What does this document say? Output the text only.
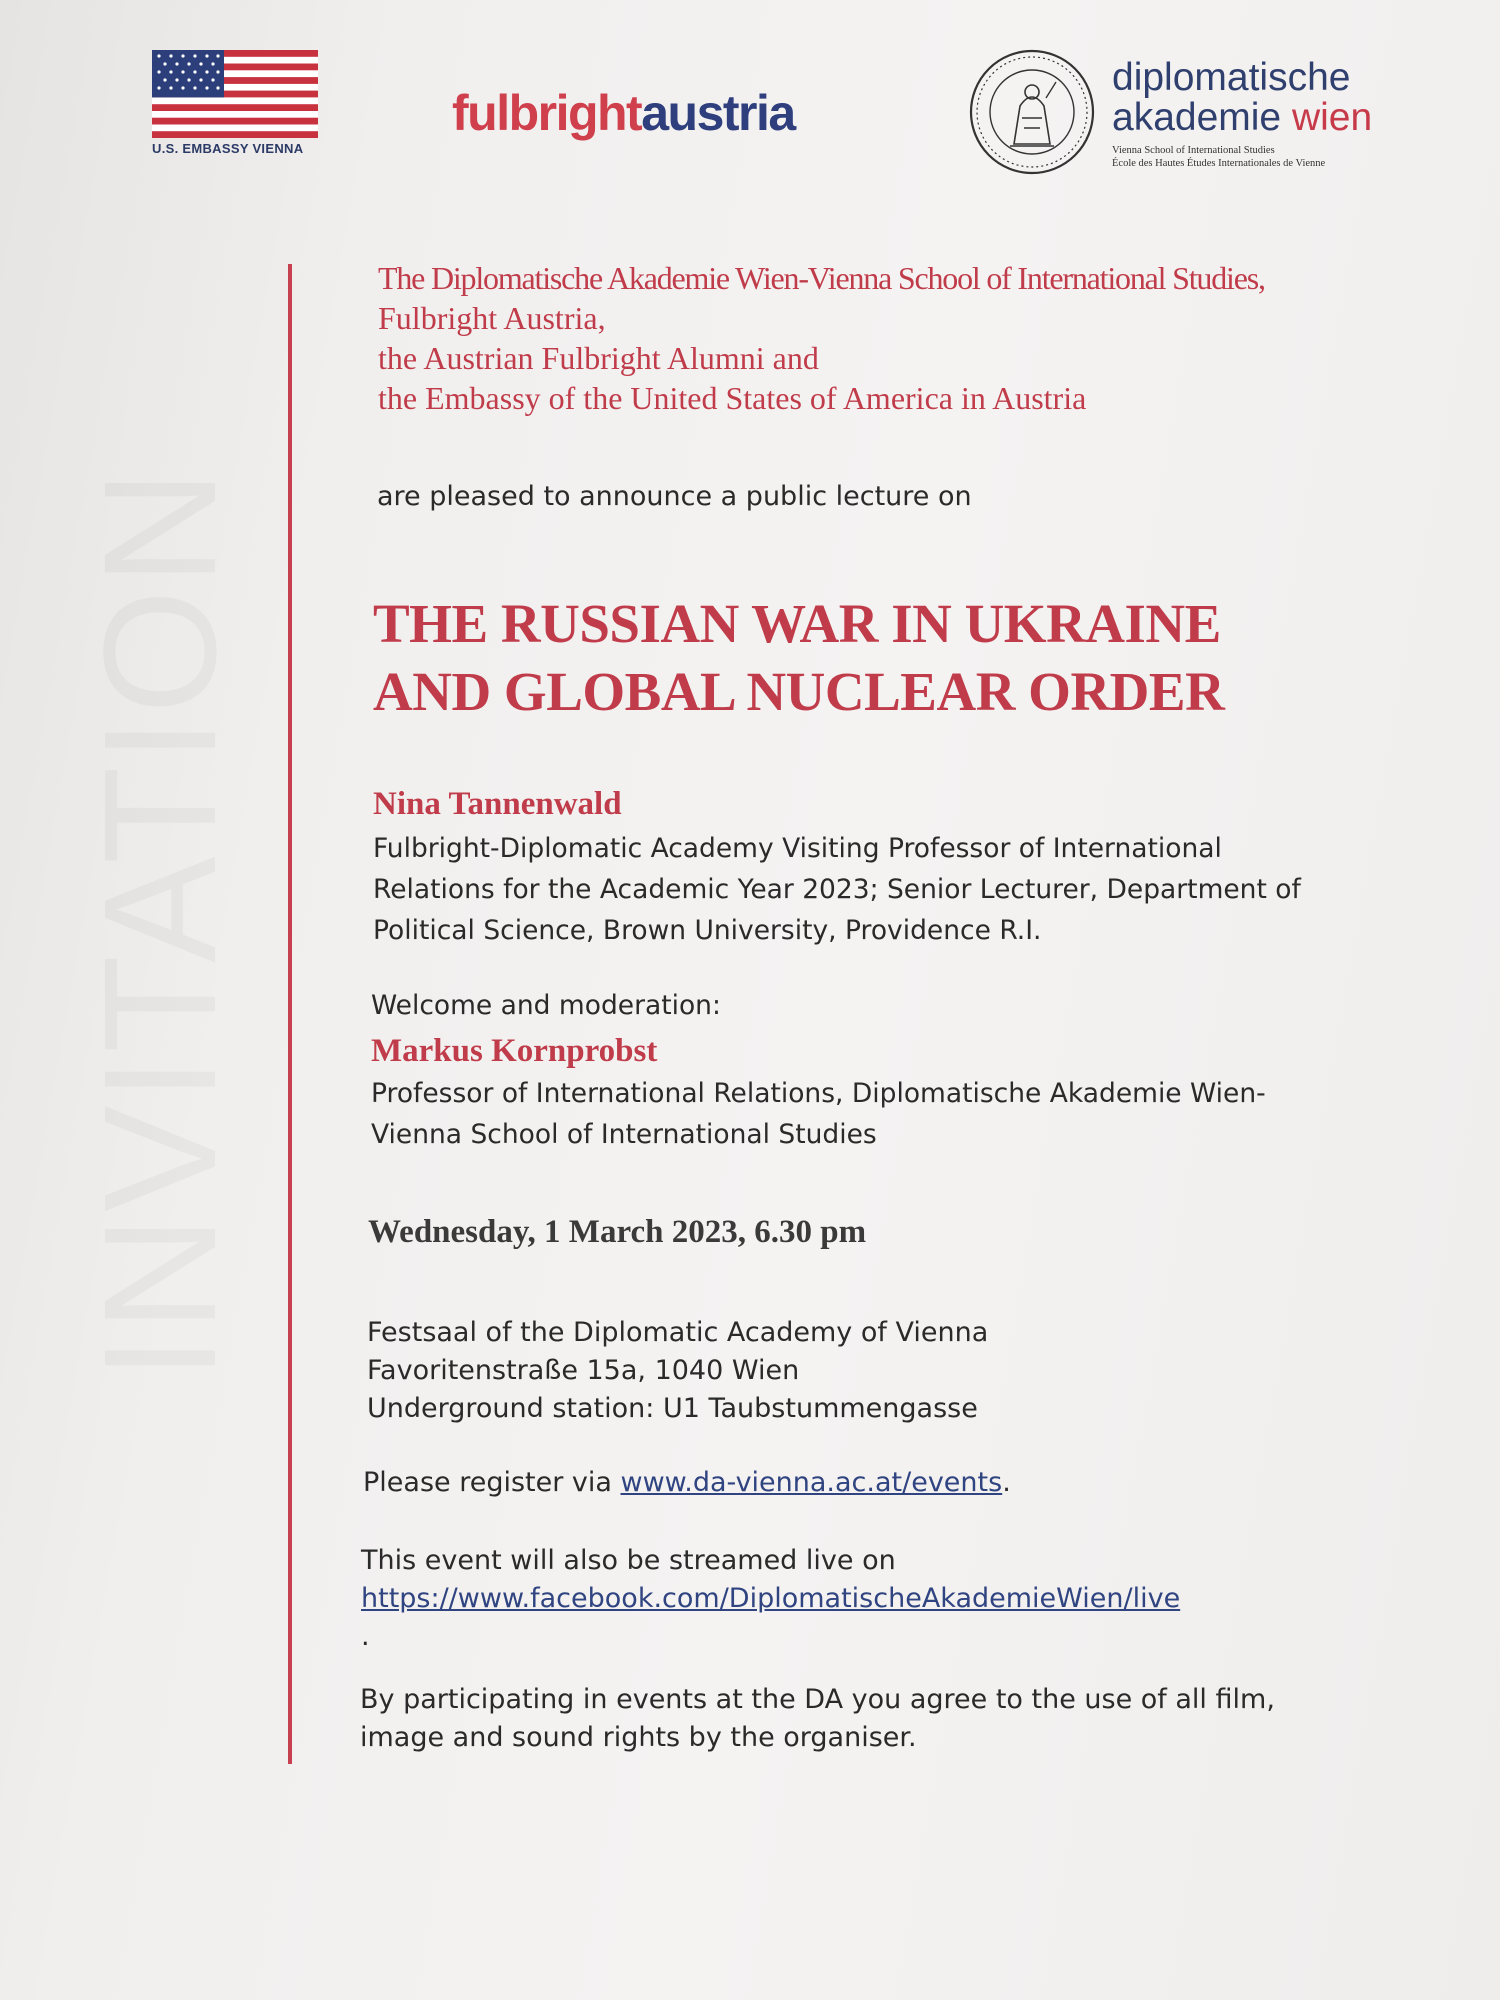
U.S. EMBASSY VIENNA
fulbrightaustria
diplomatische
akademie wien
Vienna School of International Studies
École des Hautes Études Internationales de Vienne
The Diplomatische Akademie Wien-Vienna School of International Studies,
Fulbright Austria,
the Austrian Fulbright Alumni and
the Embassy of the United States of America in Austria
are pleased to announce a public lecture on
THE RUSSIAN WAR IN UKRAINE
AND GLOBAL NUCLEAR ORDER
Nina Tannenwald
Fulbright-Diplomatic Academy Visiting Professor of International
Relations for the Academic Year 2023; Senior Lecturer, Department of
Political Science, Brown University, Providence R.I.
Welcome and moderation:
Markus Kornprobst
Professor of International Relations, Diplomatische Akademie Wien-
Vienna School of International Studies
Wednesday, 1 March 2023, 6.30 pm
Festsaal of the Diplomatic Academy of Vienna
Favoritenstraße 15a, 1040 Wien
Underground station: U1 Taubstummengasse
Please register via www.da-vienna.ac.at/events.
This event will also be streamed live on
https://www.facebook.com/DiplomatischeAkademieWien/live
.
By participating in events at the DA you agree to the use of all film,
image and sound rights by the organiser.
